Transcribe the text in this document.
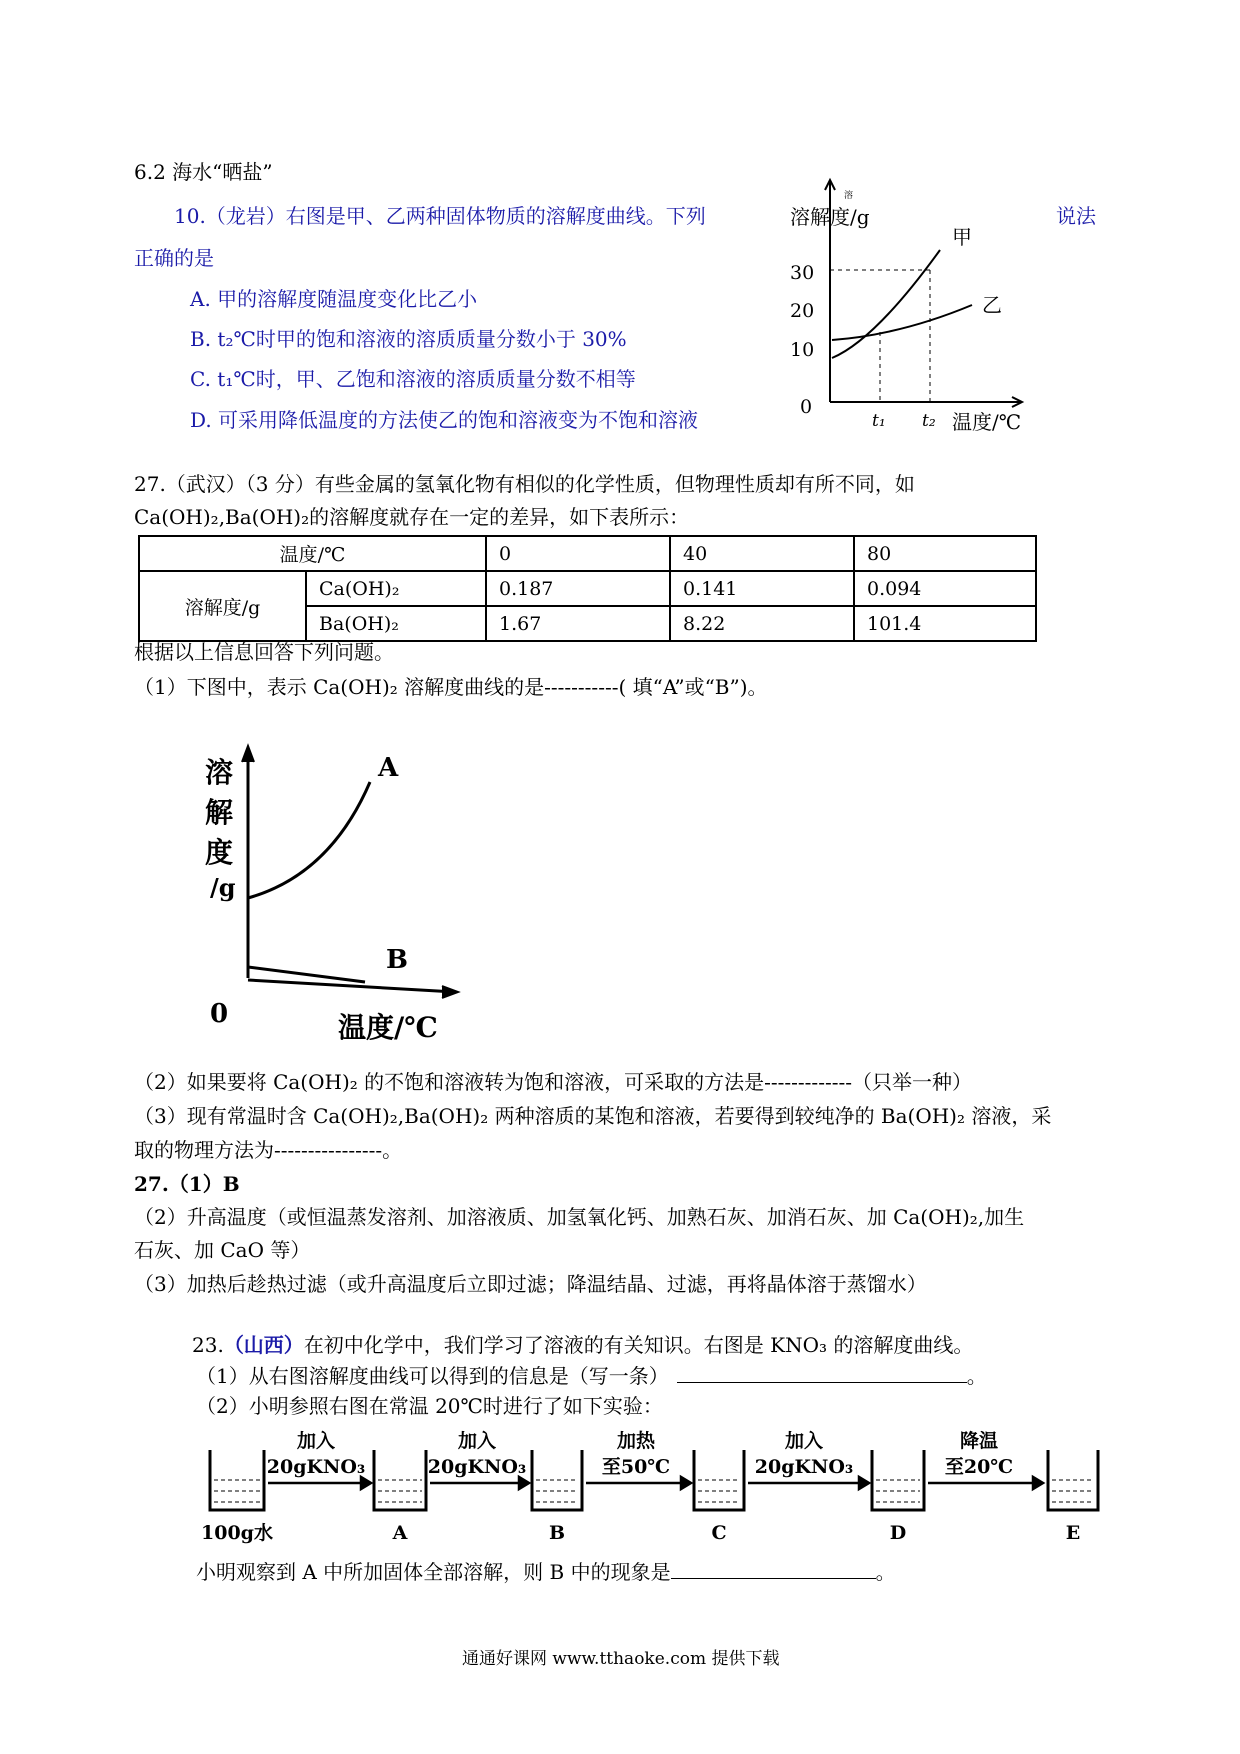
6.2 海水“晒盐”
10.（龙岩）右图是甲、乙两种固体物质的溶解度曲线。下列	说法
正确的是
A. 甲的溶解度随温度变化比乙小
B. t₂℃时甲的饱和溶液的溶质质量分数小于 30%
C. t₁℃时，甲、乙饱和溶液的溶质质量分数不相等
D. 可采用降低温度的方法使乙的饱和溶液变为不饱和溶液
溶解度/g
溶
30
20
10
0
t₁ t₂ 温度/℃
甲
乙
27.（武汉）（3 分）有些金属的氢氧化物有相似的化学性质，但物理性质却有所不同，如
Ca(OH)₂,Ba(OH)₂的溶解度就存在一定的差异，如下表所示：
温度/℃		0	40	80
溶解度/g	Ca(OH)₂	0.187	0.141	0.094
	Ba(OH)₂	1.67	8.22	101.4
根据以上信息回答下列问题。
（1）下图中，表示 Ca(OH)₂ 溶解度曲线的是-----------( 填“A”或“B”)。
溶
解
度
/g
0
A
B
温度/℃
（2）如果要将 Ca(OH)₂ 的不饱和溶液转为饱和溶液，可采取的方法是-------------（只举一种）
（3）现有常温时含 Ca(OH)₂,Ba(OH)₂ 两种溶质的某饱和溶液，若要得到较纯净的 Ba(OH)₂ 溶液，采
取的物理方法为----------------。
27.（1）B
（2）升高温度（或恒温蒸发溶剂、加溶液质、加氢氧化钙、加熟石灰、加消石灰、加 Ca(OH)₂,加生
石灰、加 CaO 等）
（3）加热后趁热过滤（或升高温度后立即过滤；降温结晶、过滤，再将晶体溶于蒸馏水）
23.（山西）在初中化学中，我们学习了溶液的有关知识。右图是 KNO₃ 的溶解度曲线。
（1）从右图溶解度曲线可以得到的信息是（写一条）	。
（2）小明参照右图在常温 20℃时进行了如下实验：
加入
20gKNO₃
加入
20gKNO₃
加热
至50℃
加入
20gKNO₃
降温
至20℃
100g水	A	B	C	D	E
小明观察到 A 中所加固体全部溶解，则 B 中的现象是	。
通通好课网 www.tthaoke.com 提供下载
